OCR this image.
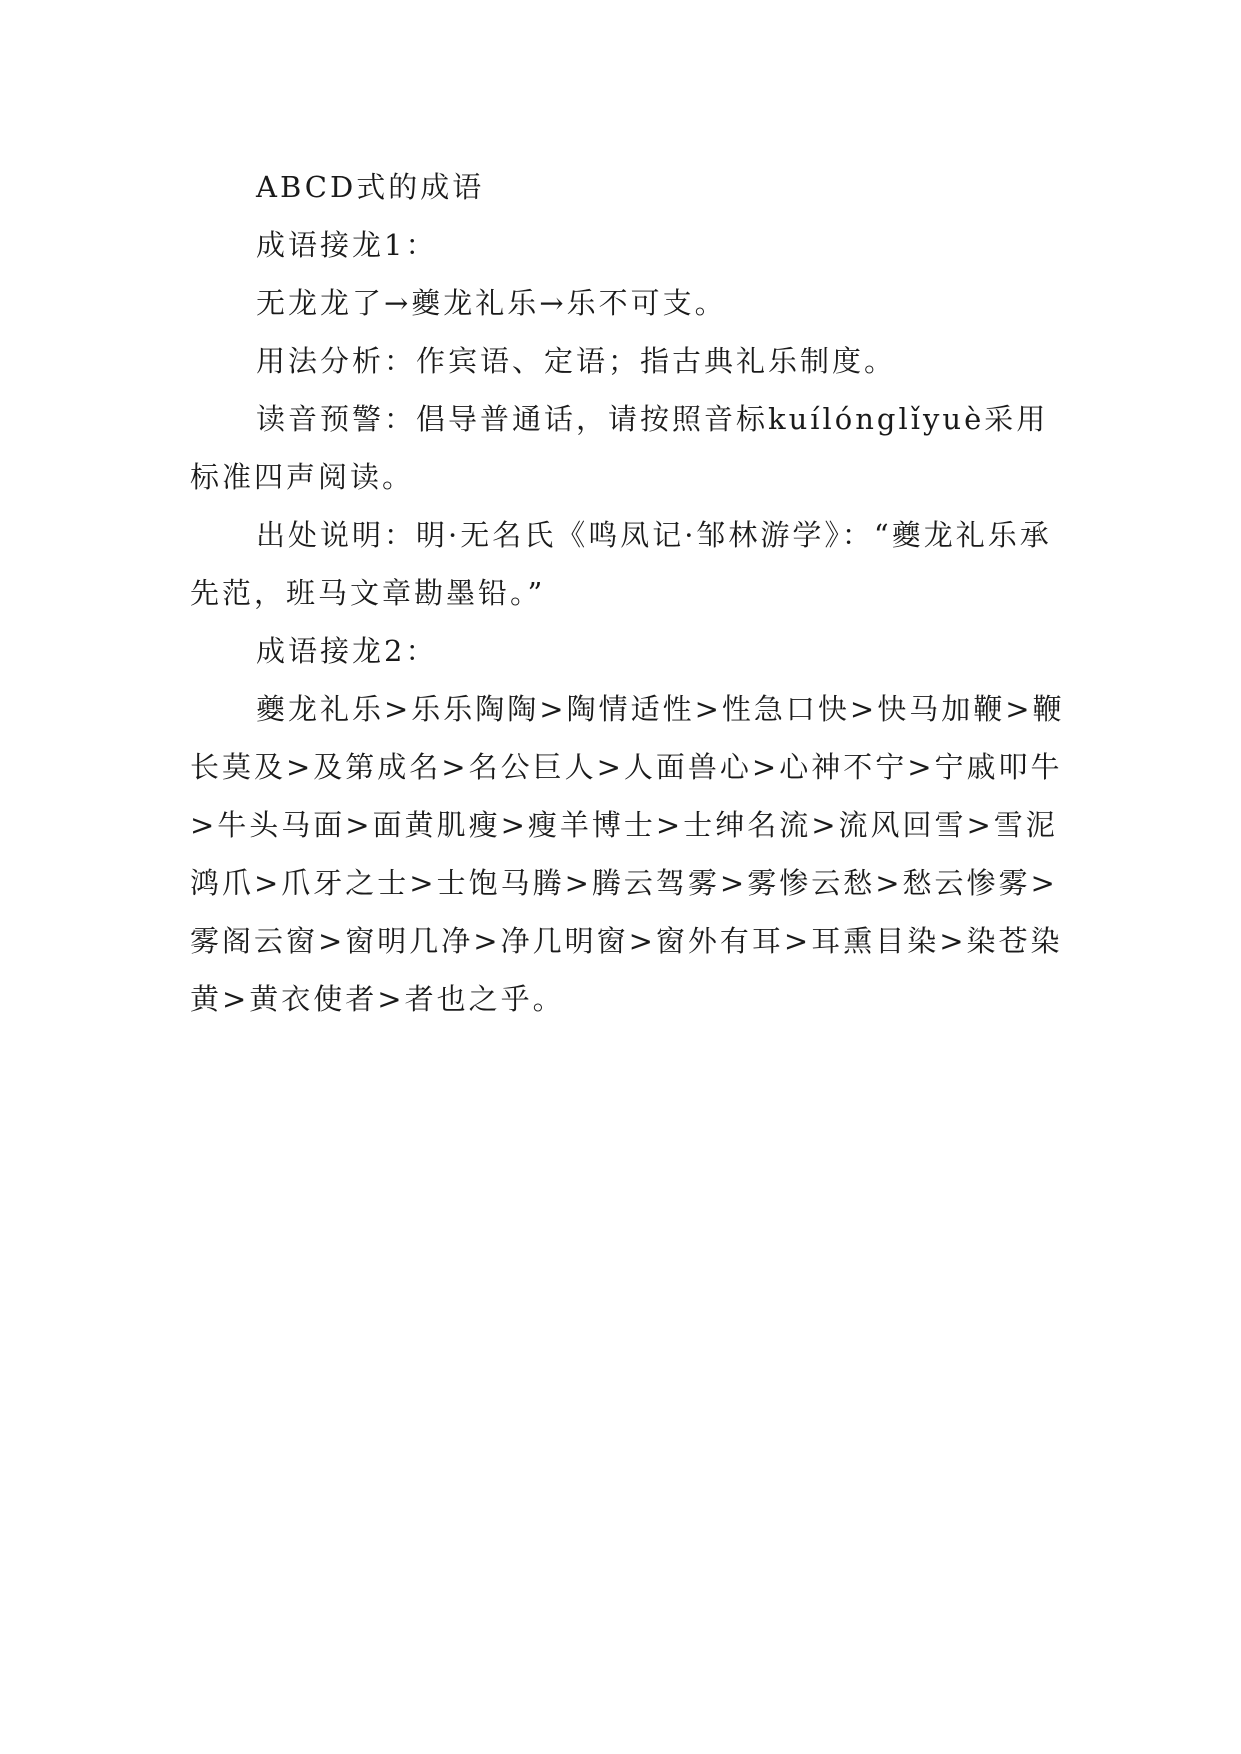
ABCD式的成语

成语接龙1：

无龙龙了→夔龙礼乐→乐不可支。

用法分析：作宾语、定语；指古典礼乐制度。

读音预警：倡导普通话，请按照音标kuílónglǐyuè采用标准四声阅读。

出处说明：明·无名氏《鸣凤记·邹林游学》：“夔龙礼乐承先范，班马文章勘墨铅。”

成语接龙2：

夔龙礼乐>乐乐陶陶>陶情适性>性急口快>快马加鞭>鞭长莫及>及第成名>名公巨人>人面兽心>心神不宁>宁戚叩牛>牛头马面>面黄肌瘦>瘦羊博士>士绅名流>流风回雪>雪泥鸿爪>爪牙之士>士饱马腾>腾云驾雾>雾惨云愁>愁云惨雾>雾阁云窗>窗明几净>净几明窗>窗外有耳>耳熏目染>染苍染黄>黄衣使者>者也之乎。
